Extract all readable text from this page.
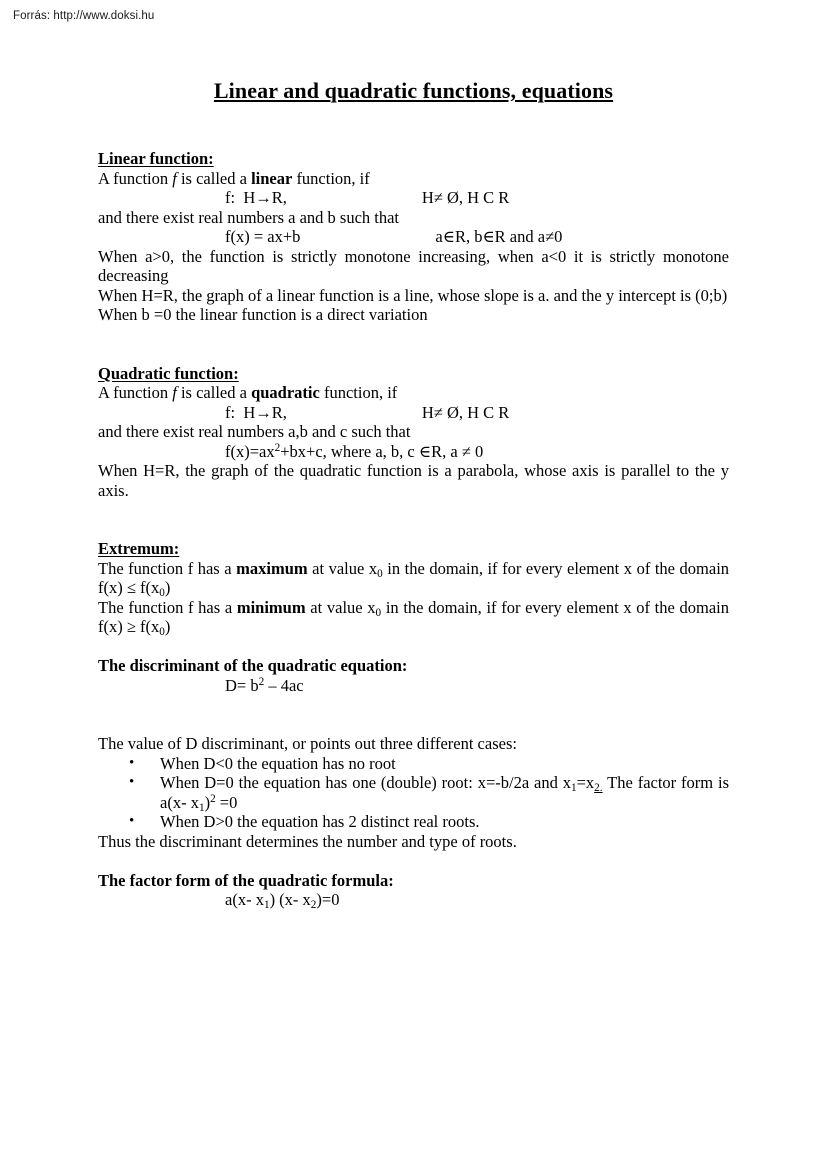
Forrás: http://www.doksi.hu
Linear and quadratic functions, equations
Linear function:

A function f is called a linear function, if

f:  H→R,	H≠ Ø, H C R

and there exist real numbers a and b such that

f(x) = ax+b	a∈R, b∈R and a≠0

When a>0, the function is strictly monotone increasing, when a<0 it is strictly monotone decreasing

When H=R, the graph of a linear function is a line, whose slope is a. and the y intercept is (0;b)

When b =0 the linear function is a direct variation

Quadratic function:

A function f is called a quadratic function, if

f:  H→R,	H≠ Ø, H C R

and there exist real numbers a,b and c such that

$f(x)=ax^2+bx+c$, where a, b, c ∈R, a ≠ 0

When H=R, the graph of the quadratic function is a parabola, whose axis is parallel to the y axis.

Extremum:

The function f has a maximum at value $x_0$ in the domain, if for every element x of the domain $f(x) \le f(x_0)$

The function f has a minimum at value $x_0$ in the domain, if for every element x of the domain $f(x) \ge f(x_0)$

The discriminant of the quadratic equation:

$D= b^2 - 4ac$

The value of D discriminant, or points out three different cases:

• When D<0 the equation has no root
• When D=0 the equation has one (double) root: x=-b/2a and $x_1=x_{2.}$ The factor form is a(x- $x_1)^2 =0$
• When D>0 the equation has 2 distinct real roots.

Thus the discriminant determines the number and type of roots.

The factor form of the quadratic formula:

a(x- $x_1$) (x- $x_2)=0$
